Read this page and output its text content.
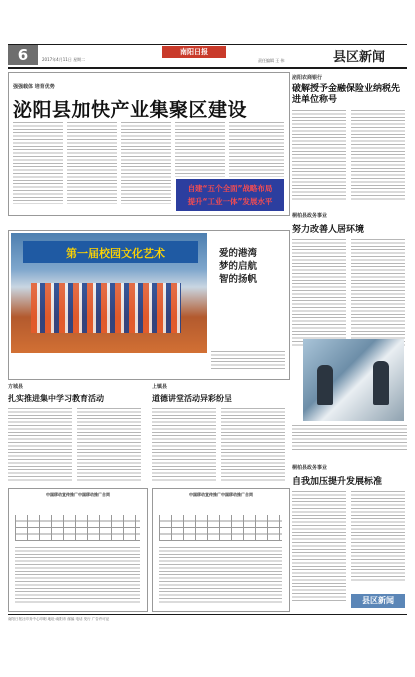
6	2017年4月11日 星期二
南阳日报
责任编辑 王 伟	县区新闻
强强载体 培育优势
泌阳县加快产业集聚区建设
自建“五个全面”战略布局
提升“工业一体”发展水平
泌阳农商银行
破解授予金融保险业纳税先进单位称号
桐柏县政务事业
努力改善人居环境
桐柏县政务事业
自我加压提升发展标准
县区新闻
第一届校园文化艺术	爱的港湾
梦的启航
智的扬帆
方城县
扎实推进集中学习教育活动
上镇县
道德讲堂活动异彩纷呈
中国移动宣传推广中国移动推广合同	中国移动宣传推广中国移动推广合同
南阳日报社印务中心印刷 地址:南阳市 邮编 电话 发行 广告许可证
